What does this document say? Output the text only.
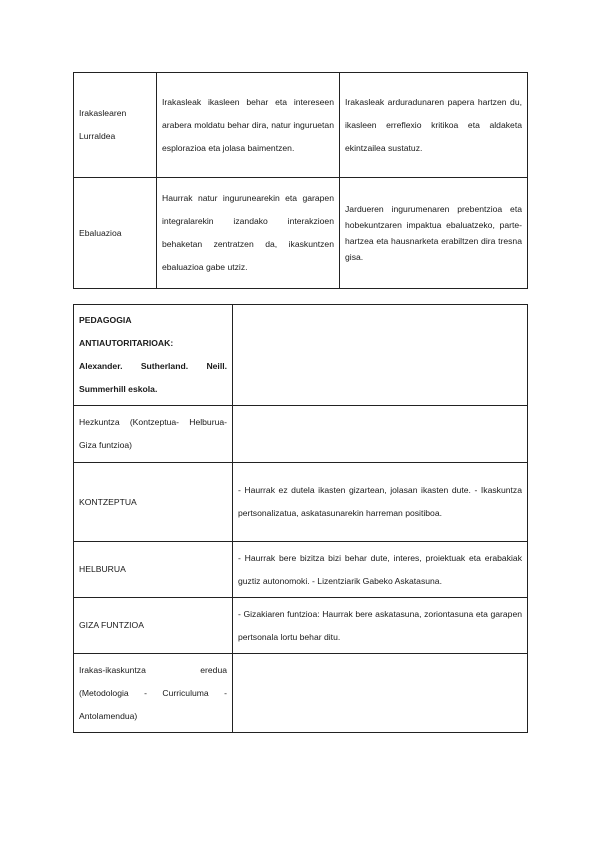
Irakaslearen Lurraldea	Irakasleak ikasleen behar eta intereseen arabera moldatu behar dira, natur inguruetan esplorazioa eta jolasa baimentzen.	Irakasleak arduradunaren papera hartzen du, ikasleen erreflexio kritikoa eta aldaketa ekintzailea sustatuz.
Ebaluazioa	Haurrak natur ingurunearekin eta garapen integralarekin izandako interakzioen behaketan zentratzen da, ikaskuntzen ebaluazioa gabe utziz.	Jardueren ingurumenaren prebentzioa eta hobekuntzaren impaktua ebaluatzeko, parte-hartzea eta hausnarketa erabiltzen dira tresna gisa.
PEDAGOGIA ANTIAUTORITARIOAK:
Alexander. Sutherland. Neill. Summerhill eskola.	

Hezkuntza (Kontzeptua- Helburua- Giza funtzioa)	
KONTZEPTUA	- Haurrak ez dutela ikasten gizartean, jolasan ikasten dute. - Ikaskuntza pertsonalizatua, askatasunarekin harreman positiboa.
HELBURUA	- Haurrak bere bizitza bizi behar dute, interes, proiektuak eta erabakiak guztiz autonomoki. - Lizentziarik Gabeko Askatasuna.
GIZA FUNTZIOA	- Gizakiaren funtzioa: Haurrak bere askatasuna, zoriontasuna eta garapen pertsonala lortu behar ditu.
Irakas-ikaskuntza eredua (Metodologia - Curriculuma - Antolamendua)	
